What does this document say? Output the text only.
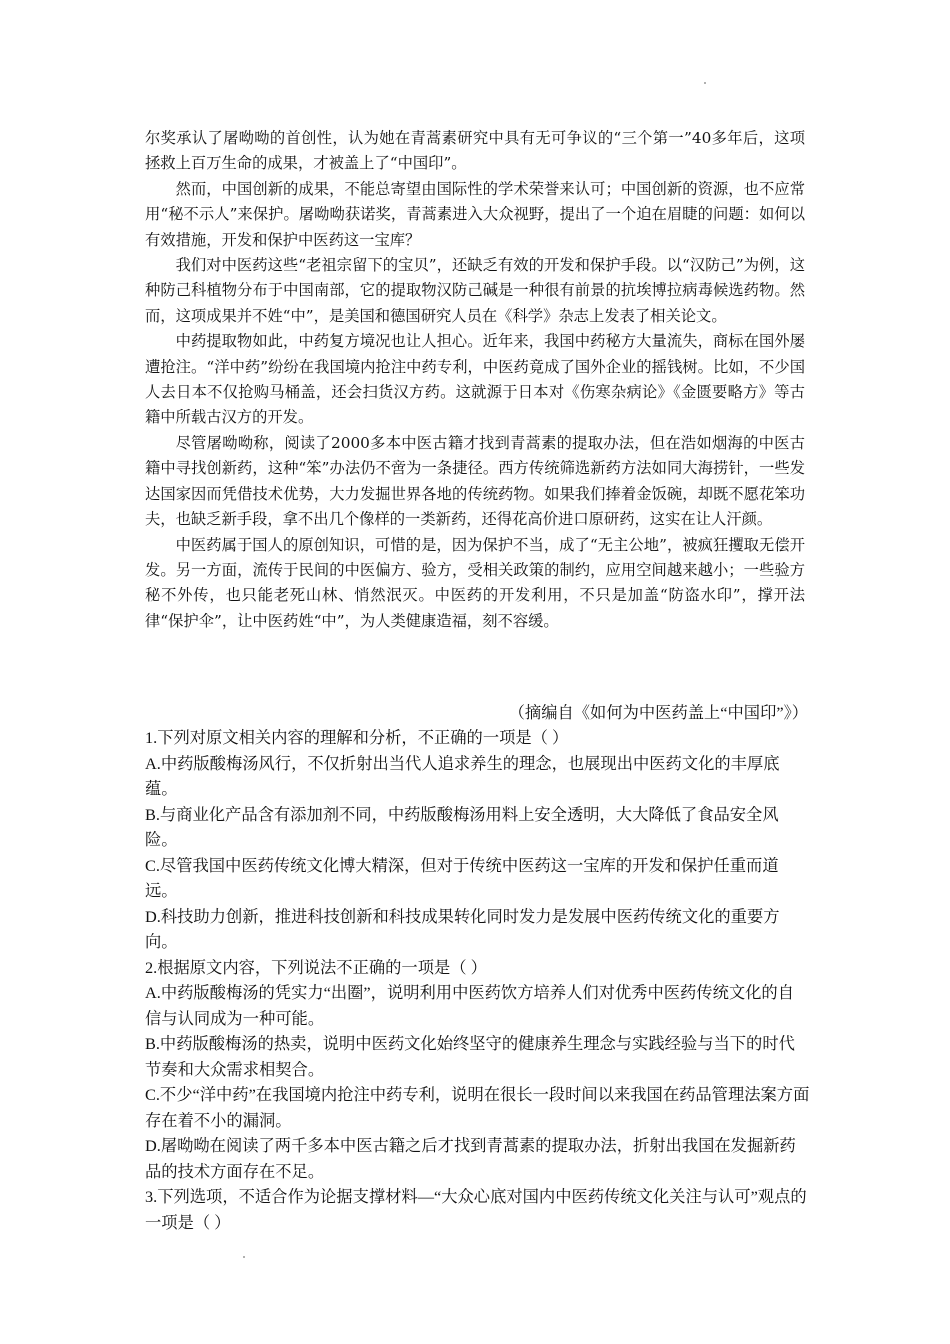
尔奖承认了屠呦呦的首创性，认为她在青蒿素研究中具有无可争议的“三个第一”40多年后，这项拯救上百万生命的成果，才被盖上了“中国印”。

然而，中国创新的成果，不能总寄望由国际性的学术荣誉来认可；中国创新的资源，也不应常用“秘不示人”来保护。屠呦呦获诺奖，青蒿素进入大众视野，提出了一个迫在眉睫的问题：如何以有效措施，开发和保护中医药这一宝库？

我们对中医药这些“老祖宗留下的宝贝”，还缺乏有效的开发和保护手段。以“汉防己”为例，这种防己科植物分布于中国南部，它的提取物汉防己碱是一种很有前景的抗埃博拉病毒候选药物。然而，这项成果并不姓“中”，是美国和德国研究人员在《科学》杂志上发表了相关论文。

中药提取物如此，中药复方境况也让人担心。近年来，我国中药秘方大量流失，商标在国外屡遭抢注。“洋中药”纷纷在我国境内抢注中药专利，中医药竟成了国外企业的摇钱树。比如，不少国人去日本不仅抢购马桶盖，还会扫货汉方药。这就源于日本对《伤寒杂病论》《金匮要略方》等古籍中所载古汉方的开发。

尽管屠呦呦称，阅读了2000多本中医古籍才找到青蒿素的提取办法，但在浩如烟海的中医古籍中寻找创新药，这种“笨”办法仍不啻为一条捷径。西方传统筛选新药方法如同大海捞针，一些发达国家因而凭借技术优势，大力发掘世界各地的传统药物。如果我们捧着金饭碗，却既不愿花笨功夫，也缺乏新手段，拿不出几个像样的一类新药，还得花高价进口原研药，这实在让人汗颜。

中医药属于国人的原创知识，可惜的是，因为保护不当，成了“无主公地”，被疯狂攫取无偿开发。另一方面，流传于民间的中医偏方、验方，受相关政策的制约，应用空间越来越小；一些验方秘不外传，也只能老死山林、悄然泯灭。中医药的开发利用，不只是加盖“防盗水印”，撑开法律“保护伞”，让中医药姓“中”，为人类健康造福，刻不容缓。

（摘编自《如何为中医药盖上“中国印”》）

1.下列对原文相关内容的理解和分析，不正确的一项是（ ）

A.中药版酸梅汤风行，不仅折射出当代人追求养生的理念，也展现出中医药文化的丰厚底蕴。

B.与商业化产品含有添加剂不同，中药版酸梅汤用料上安全透明，大大降低了食品安全风险。

C.尽管我国中医药传统文化博大精深，但对于传统中医药这一宝库的开发和保护任重而道远。

D.科技助力创新，推进科技创新和科技成果转化同时发力是发展中医药传统文化的重要方向。

2.根据原文内容，下列说法不正确的一项是（ ）

A.中药版酸梅汤的凭实力“出圈”，说明利用中医药饮方培养人们对优秀中医药传统文化的自信与认同成为一种可能。

B.中药版酸梅汤的热卖，说明中医药文化始终坚守的健康养生理念与实践经验与当下的时代节奏和大众需求相契合。

C.不少“洋中药”在我国境内抢注中药专利，说明在很长一段时间以来我国在药品管理法案方面存在着不小的漏洞。

D.屠呦呦在阅读了两千多本中医古籍之后才找到青蒿素的提取办法，折射出我国在发掘新药品的技术方面存在不足。

3.下列选项，不适合作为论据支撑材料—“大众心底对国内中医药传统文化关注与认可”观点的一项是（ ）
